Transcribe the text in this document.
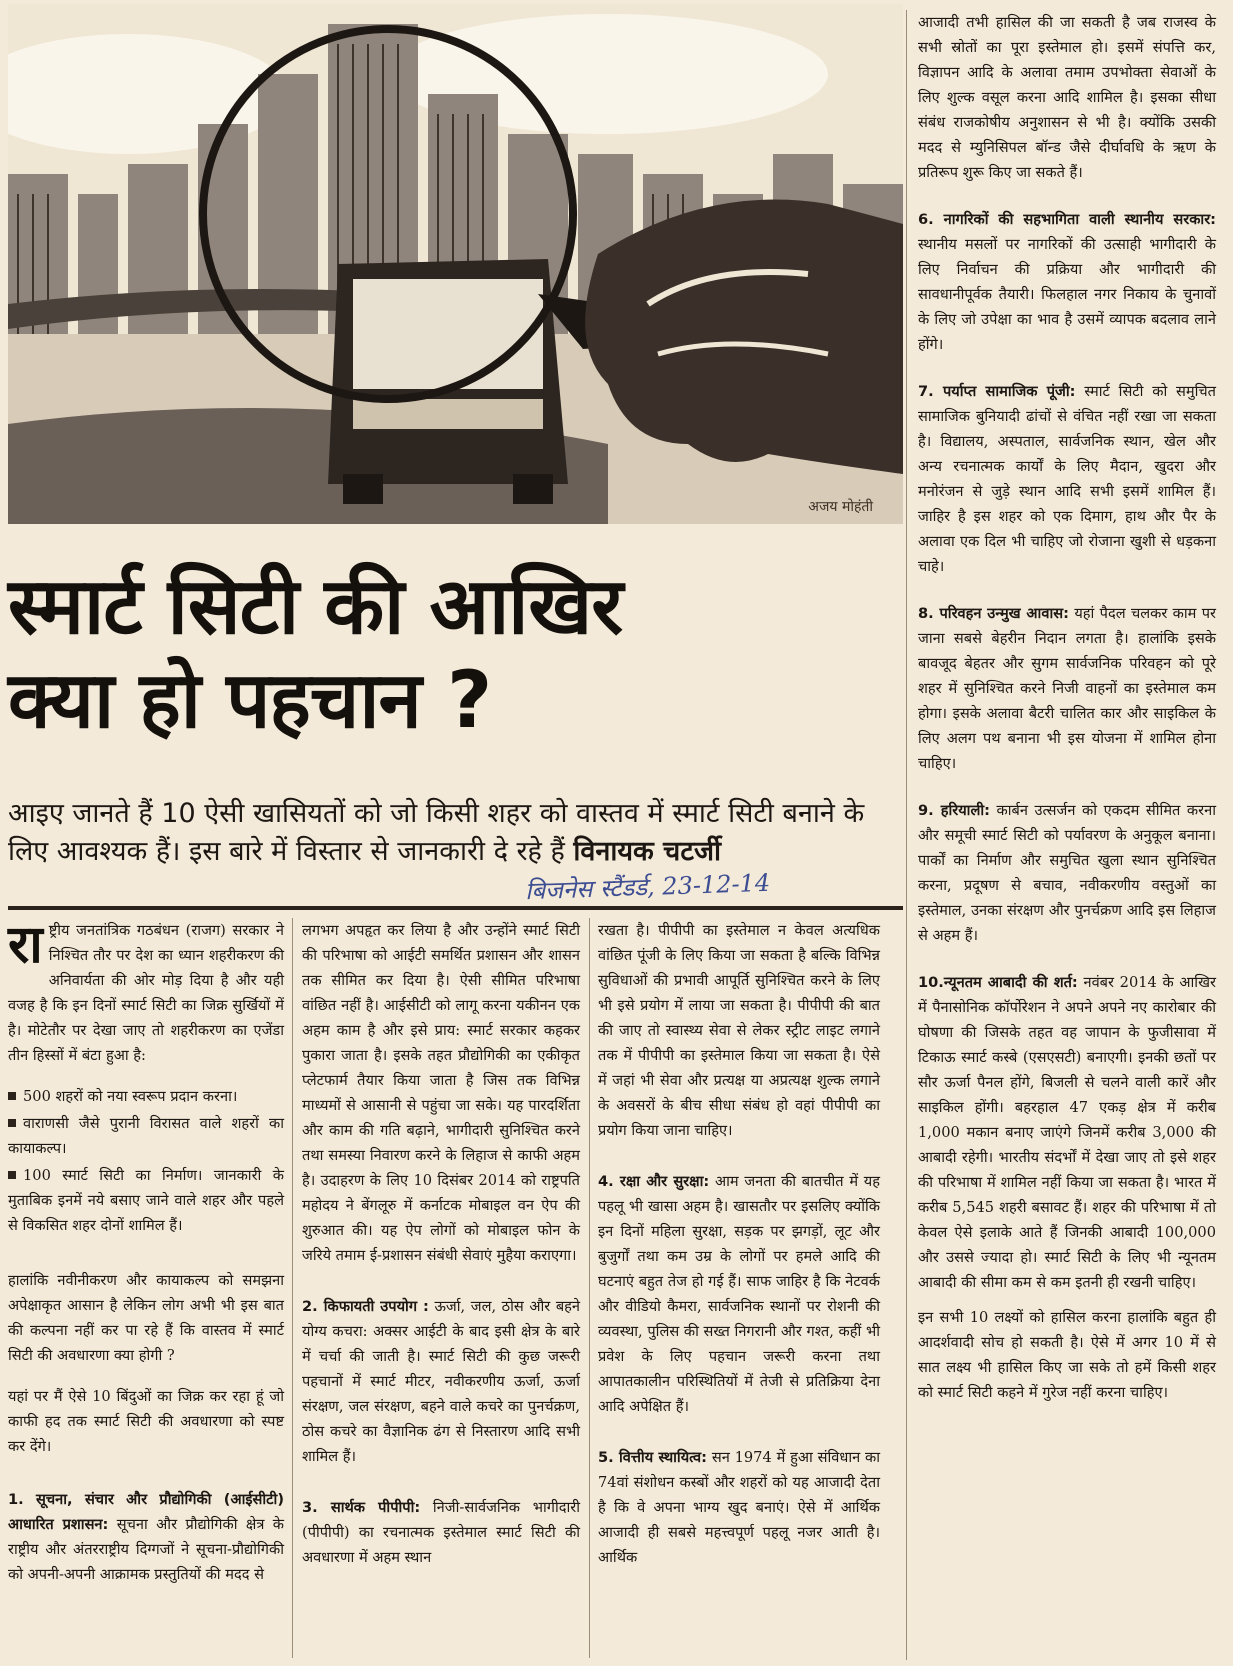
अजय मोहंती
स्मार्ट सिटी की आखिर
क्या हो पहचान ?
आइए जानते हैं 10 ऐसी खासियतों को जो किसी शहर को वास्तव में स्मार्ट सिटी बनाने के लिए आवश्यक हैं। इस बारे में विस्तार से जानकारी दे रहे हैं विनायक चटर्जी
बिजनेस स्टैंडर्ड, 23-12-14

राष्ट्रीय जनतांत्रिक गठबंधन (राजग) सरकार ने निश्चित तौर पर देश का ध्यान शहरीकरण की अनिवार्यता की ओर मोड़ दिया है और यही वजह है कि इन दिनों स्मार्ट सिटी का जिक्र सुर्खियों में है। मोटेतौर पर देखा जाए तो शहरीकरण का एजेंडा तीन हिस्सों में बंटा हुआ है:

500 शहरों को नया स्वरूप प्रदान करना।
वाराणसी जैसे पुरानी विरासत वाले शहरों का कायाकल्प।
100 स्मार्ट सिटी का निर्माण। जानकारी के मुताबिक इनमें नये बसाए जाने वाले शहर और पहले से विकसित शहर दोनों शामिल हैं।

हालांकि नवीनीकरण और कायाकल्प को समझना अपेक्षाकृत आसान है लेकिन लोग अभी भी इस बात की कल्पना नहीं कर पा रहे हैं कि वास्तव में स्मार्ट सिटी की अवधारणा क्या होगी ?

यहां पर मैं ऐसे 10 बिंदुओं का जिक्र कर रहा हूं जो काफी हद तक स्मार्ट सिटी की अवधारणा को स्पष्ट कर देंगे।

1. सूचना, संचार और प्रौद्योगिकी (आईसीटी) आधारित प्रशासन: सूचना और प्रौद्योगिकी क्षेत्र के राष्ट्रीय और अंतरराष्ट्रीय दिग्गजों ने सूचना-प्रौद्योगिकी को अपनी-अपनी आक्रामक प्रस्तुतियों की मदद से

लगभग अपहृत कर लिया है और उन्होंने स्मार्ट सिटी की परिभाषा को आईटी समर्थित प्रशासन और शासन तक सीमित कर दिया है। ऐसी सीमित परिभाषा वांछित नहीं है। आईसीटी को लागू करना यकीनन एक अहम काम है और इसे प्राय: स्मार्ट सरकार कहकर पुकारा जाता है। इसके तहत प्रौद्योगिकी का एकीकृत प्लेटफार्म तैयार किया जाता है जिस तक विभिन्न माध्यमों से आसानी से पहुंचा जा सके। यह पारदर्शिता और काम की गति बढ़ाने, भागीदारी सुनिश्चित करने तथा समस्या निवारण करने के लिहाज से काफी अहम है। उदाहरण के लिए 10 दिसंबर 2014 को राष्ट्रपति महोदय ने बेंगलूरु में कर्नाटक मोबाइल वन ऐप की शुरुआत की। यह ऐप लोगों को मोबाइल फोन के जरिये तमाम ई-प्रशासन संबंधी सेवाएं मुहैया कराएगा।

2. किफायती उपयोग : ऊर्जा, जल, ठोस और बहने योग्य कचरा: अक्सर आईटी के बाद इसी क्षेत्र के बारे में चर्चा की जाती है। स्मार्ट सिटी की कुछ जरूरी पहचानों में स्मार्ट मीटर, नवीकरणीय ऊर्जा, ऊर्जा संरक्षण, जल संरक्षण, बहने वाले कचरे का पुनर्चक्रण, ठोस कचरे का वैज्ञानिक ढंग से निस्तारण आदि सभी शामिल हैं।

3. सार्थक पीपीपी: निजी-सार्वजनिक भागीदारी (पीपीपी) का रचनात्मक इस्तेमाल स्मार्ट सिटी की अवधारणा में अहम स्थान

रखता है। पीपीपी का इस्तेमाल न केवल अत्यधिक वांछित पूंजी के लिए किया जा सकता है बल्कि विभिन्न सुविधाओं की प्रभावी आपूर्ति सुनिश्चित करने के लिए भी इसे प्रयोग में लाया जा सकता है। पीपीपी की बात की जाए तो स्वास्थ्य सेवा से लेकर स्ट्रीट लाइट लगाने तक में पीपीपी का इस्तेमाल किया जा सकता है। ऐसे में जहां भी सेवा और प्रत्यक्ष या अप्रत्यक्ष शुल्क लगाने के अवसरों के बीच सीधा संबंध हो वहां पीपीपी का प्रयोग किया जाना चाहिए।

4. रक्षा और सुरक्षा: आम जनता की बातचीत में यह पहलू भी खासा अहम है। खासतौर पर इसलिए क्योंकि इन दिनों महिला सुरक्षा, सड़क पर झगड़ों, लूट और बुजुर्गों तथा कम उम्र के लोगों पर हमले आदि की घटनाएं बहुत तेज हो गई हैं। साफ जाहिर है कि नेटवर्क और वीडियो कैमरा, सार्वजनिक स्थानों पर रोशनी की व्यवस्था, पुलिस की सख्त निगरानी और गश्त, कहीं भी प्रवेश के लिए पहचान जरूरी करना तथा आपातकालीन परिस्थितियों में तेजी से प्रतिक्रिया देना आदि अपेक्षित हैं।

5. वित्तीय स्थायित्व: सन 1974 में हुआ संविधान का 74वां संशोधन कस्बों और शहरों को यह आजादी देता है कि वे अपना भाग्य खुद बनाएं। ऐसे में आर्थिक आजादी ही सबसे महत्त्वपूर्ण पहलू नजर आती है। आर्थिक

आजादी तभी हासिल की जा सकती है जब राजस्व के सभी स्रोतों का पूरा इस्तेमाल हो। इसमें संपत्ति कर, विज्ञापन आदि के अलावा तमाम उपभोक्ता सेवाओं के लिए शुल्क वसूल करना आदि शामिल है। इसका सीधा संबंध राजकोषीय अनुशासन से भी है। क्योंकि उसकी मदद से म्युनिसिपल बॉन्ड जैसे दीर्घावधि के ऋण के प्रतिरूप शुरू किए जा सकते हैं।

6. नागरिकों की सहभागिता वाली स्थानीय सरकार: स्थानीय मसलों पर नागरिकों की उत्साही भागीदारी के लिए निर्वाचन की प्रक्रिया और भागीदारी की सावधानीपूर्वक तैयारी। फिलहाल नगर निकाय के चुनावों के लिए जो उपेक्षा का भाव है उसमें व्यापक बदलाव लाने होंगे।

7. पर्याप्त सामाजिक पूंजी: स्मार्ट सिटी को समुचित सामाजिक बुनियादी ढांचों से वंचित नहीं रखा जा सकता है। विद्यालय, अस्पताल, सार्वजनिक स्थान, खेल और अन्य रचनात्मक कार्यों के लिए मैदान, खुदरा और मनोरंजन से जुड़े स्थान आदि सभी इसमें शामिल हैं। जाहिर है इस शहर को एक दिमाग, हाथ और पैर के अलावा एक दिल भी चाहिए जो रोजाना खुशी से धड़कना चाहे।

8. परिवहन उन्मुख आवास: यहां पैदल चलकर काम पर जाना सबसे बेहरीन निदान लगता है। हालांकि इसके बावजूद बेहतर और सुगम सार्वजनिक परिवहन को पूरे शहर में सुनिश्चित करने निजी वाहनों का इस्तेमाल कम होगा। इसके अलावा बैटरी चालित कार और साइकिल के लिए अलग पथ बनाना भी इस योजना में शामिल होना चाहिए।

9. हरियाली: कार्बन उत्सर्जन को एकदम सीमित करना और समूची स्मार्ट सिटी को पर्यावरण के अनुकूल बनाना। पार्कों का निर्माण और समुचित खुला स्थान सुनिश्चित करना, प्रदूषण से बचाव, नवीकरणीय वस्तुओं का इस्तेमाल, उनका संरक्षण और पुनर्चक्रण आदि इस लिहाज से अहम हैं।

10.न्यूनतम आबादी की शर्त: नवंबर 2014 के आखिर में पैनासोनिक कॉर्पोरेशन ने अपने अपने नए कारोबार की घोषणा की जिसके तहत वह जापान के फुजीसावा में टिकाऊ स्मार्ट कस्बे (एसएसटी) बनाएगी। इनकी छतों पर सौर ऊर्जा पैनल होंगे, बिजली से चलने वाली कारें और साइकिल होंगी। बहरहाल 47 एकड़ क्षेत्र में करीब 1,000 मकान बनाए जाएंगे जिनमें करीब 3,000 की आबादी रहेगी। भारतीय संदर्भों में देखा जाए तो इसे शहर की परिभाषा में शामिल नहीं किया जा सकता है। भारत में करीब 5,545 शहरी बसावट हैं। शहर की परिभाषा में तो केवल ऐसे इलाके आते हैं जिनकी आबादी 100,000 और उससे ज्यादा हो। स्मार्ट सिटी के लिए भी न्यूनतम आबादी की सीमा कम से कम इतनी ही रखनी चाहिए।

इन सभी 10 लक्ष्यों को हासिल करना हालांकि बहुत ही आदर्शवादी सोच हो सकती है। ऐसे में अगर 10 में से सात लक्ष्य भी हासिल किए जा सके तो हमें किसी शहर को स्मार्ट सिटी कहने में गुरेज नहीं करना चाहिए।
